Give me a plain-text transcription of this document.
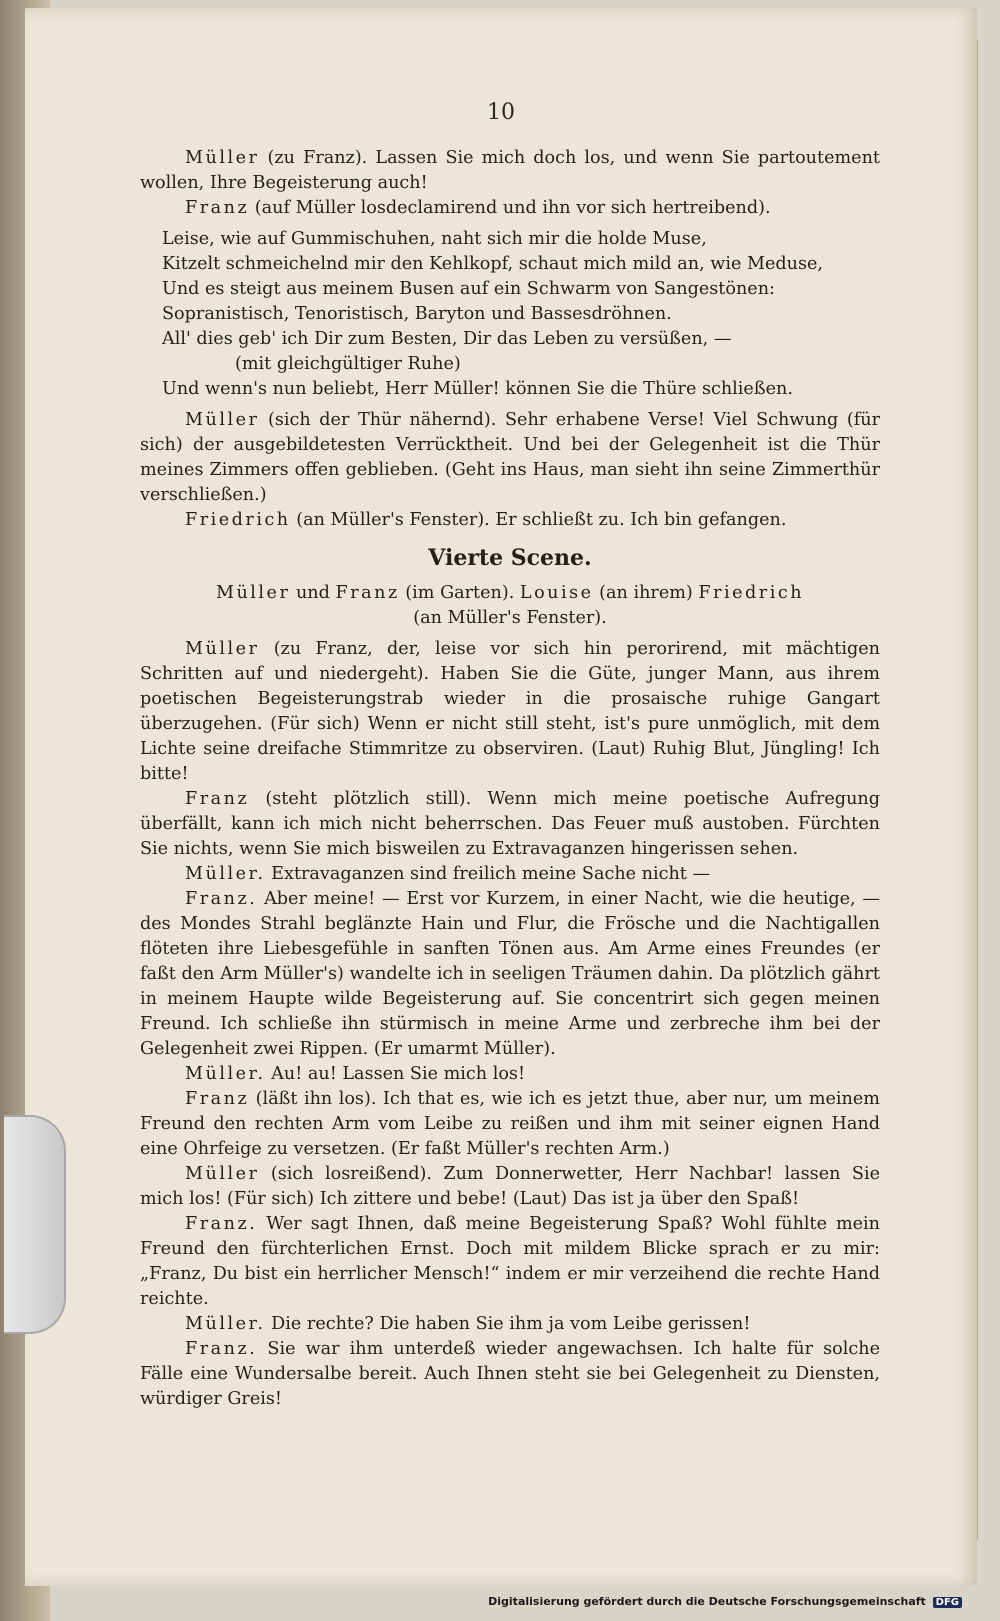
10

Müller (zu Franz). Lassen Sie mich doch los, und wenn Sie partoutement wollen, Ihre Begeisterung auch!

Franz (auf Müller losdeclamirend und ihn vor sich hertreibend).

Leise, wie auf Gummischuhen, naht sich mir die holde Muse,

Kitzelt schmeichelnd mir den Kehlkopf, schaut mich mild an, wie Meduse,

Und es steigt aus meinem Busen auf ein Schwarm von Sangestönen:

Sopranistisch, Tenoristisch, Baryton und Bassesdröhnen.

All' dies geb' ich Dir zum Besten, Dir das Leben zu versüßen, —

(mit gleichgültiger Ruhe)

Und wenn's nun beliebt, Herr Müller! können Sie die Thüre schließen.

Müller (sich der Thür nähernd). Sehr erhabene Verse! Viel Schwung (für sich) der ausgebildetesten Verrücktheit. Und bei der Gelegenheit ist die Thür meines Zimmers offen geblieben. (Geht ins Haus, man sieht ihn seine Zimmerthür verschließen.)

Friedrich (an Müller's Fenster). Er schließt zu. Ich bin gefangen.

Vierte Scene.

Müller und Franz (im Garten). Louise (an ihrem) Friedrich
(an Müller's Fenster).

Müller (zu Franz, der, leise vor sich hin perorirend, mit mächtigen Schritten auf und niedergeht). Haben Sie die Güte, junger Mann, aus ihrem poetischen Begeisterungstrab wieder in die prosaische ruhige Gangart überzugehen. (Für sich) Wenn er nicht still steht, ist's pure unmöglich, mit dem Lichte seine dreifache Stimmritze zu observiren. (Laut) Ruhig Blut, Jüngling! Ich bitte!

Franz (steht plötzlich still). Wenn mich meine poetische Aufregung überfällt, kann ich mich nicht beherrschen. Das Feuer muß austoben. Fürchten Sie nichts, wenn Sie mich bisweilen zu Extravaganzen hingerissen sehen.

Müller. Extravaganzen sind freilich meine Sache nicht —

Franz. Aber meine! — Erst vor Kurzem, in einer Nacht, wie die heutige, — des Mondes Strahl beglänzte Hain und Flur, die Frösche und die Nachtigallen flöteten ihre Liebesgefühle in sanften Tönen aus. Am Arme eines Freundes (er faßt den Arm Müller's) wandelte ich in seeligen Träumen dahin. Da plötzlich gährt in meinem Haupte wilde Begeisterung auf. Sie concentrirt sich gegen meinen Freund. Ich schließe ihn stürmisch in meine Arme und zerbreche ihm bei der Gelegenheit zwei Rippen. (Er umarmt Müller).

Müller. Au! au! Lassen Sie mich los!

Franz (läßt ihn los). Ich that es, wie ich es jetzt thue, aber nur, um meinem Freund den rechten Arm vom Leibe zu reißen und ihm mit seiner eignen Hand eine Ohrfeige zu versetzen. (Er faßt Müller's rechten Arm.)

Müller (sich losreißend). Zum Donnerwetter, Herr Nachbar! lassen Sie mich los! (Für sich) Ich zittere und bebe! (Laut) Das ist ja über den Spaß!

Franz. Wer sagt Ihnen, daß meine Begeisterung Spaß? Wohl fühlte mein Freund den fürchterlichen Ernst. Doch mit mildem Blicke sprach er zu mir: „Franz, Du bist ein herrlicher Mensch!“ indem er mir verzeihend die rechte Hand reichte.

Müller. Die rechte? Die haben Sie ihm ja vom Leibe gerissen!

Franz. Sie war ihm unterdeß wieder angewachsen. Ich halte für solche Fälle eine Wundersalbe bereit. Auch Ihnen steht sie bei Gelegenheit zu Diensten, würdiger Greis!

Digitalisierung gefördert durch die Deutsche Forschungsgemeinschaft DFG
